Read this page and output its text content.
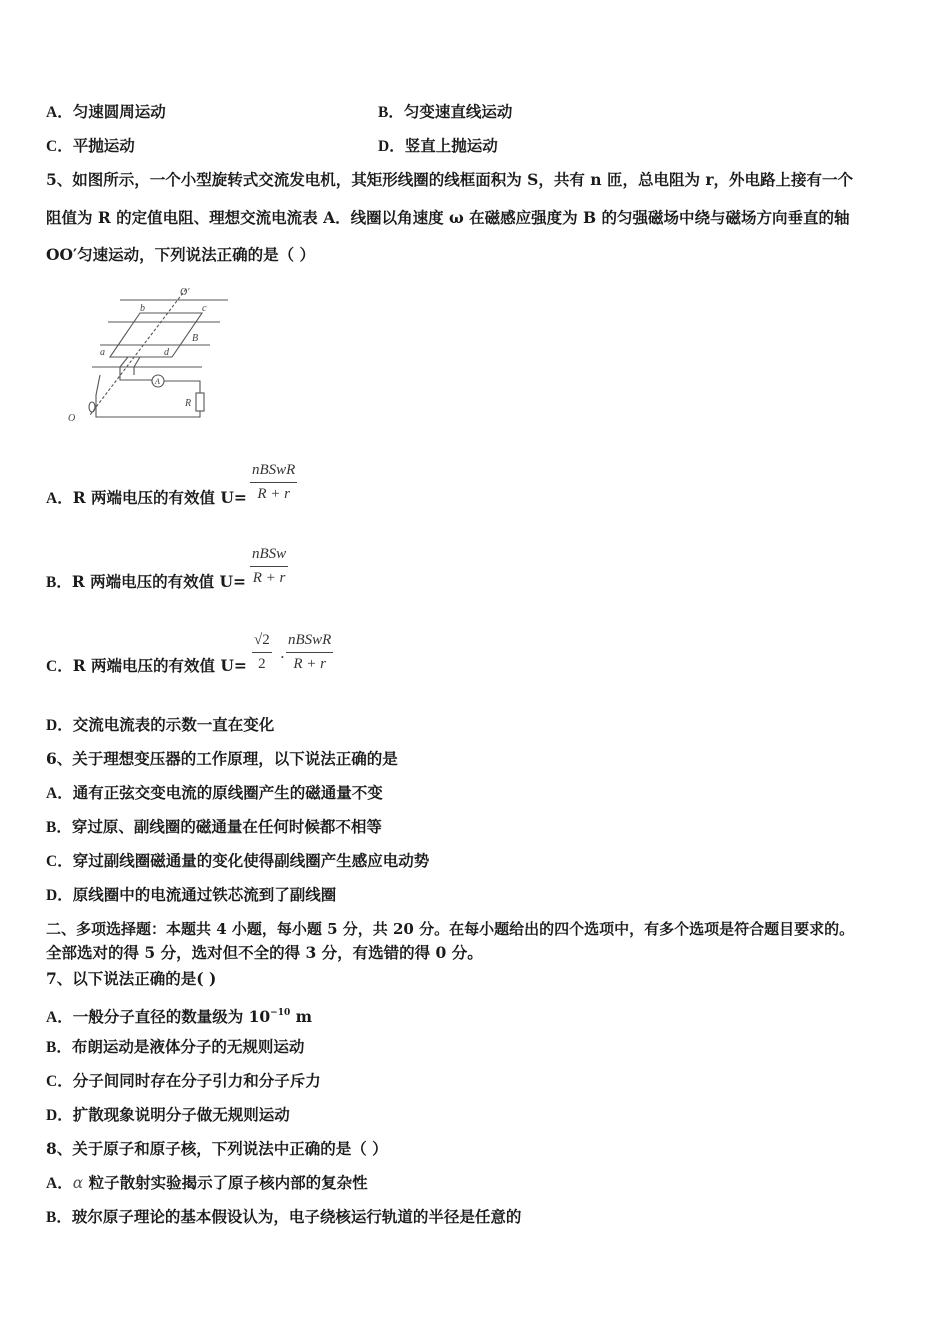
A．匀速圆周运动	B．匀变速直线运动
C．平抛运动	D．竖直上抛运动
5、如图所示，一个小型旋转式交流发电机，其矩形线圈的线框面积为 S，共有 n 匝，总电阻为 r，外电路上接有一个
阻值为 R 的定值电阻、理想交流电流表 A．线圈以角速度 ω 在磁感应强度为 B 的匀强磁场中绕与磁场方向垂直的轴
OO′匀速运动，下列说法正确的是（ ）
O′
b	c
B
a	d
A
R
O
A．R 两端电压的有效值 U=
nBSwR
R + r
B．R 两端电压的有效值 U=
nBSw
R + r
C．R 两端电压的有效值 U=
√2
2 ·
nBSwR
R + r
D．交流电流表的示数一直在变化
6、关于理想变压器的工作原理，以下说法正确的是
A．通有正弦交变电流的原线圈产生的磁通量不变
B．穿过原、副线圈的磁通量在任何时候都不相等
C．穿过副线圈磁通量的变化使得副线圈产生感应电动势
D．原线圈中的电流通过铁芯流到了副线圈
二、多项选择题：本题共 4 小题，每小题 5 分，共 20 分。在每小题给出的四个选项中，有多个选项是符合题目要求的。
全部选对的得 5 分，选对但不全的得 3 分，有选错的得 0 分。
7、以下说法正确的是( )
A．一般分子直径的数量级为 $10^{-10}$ m
B．布朗运动是液体分子的无规则运动
C．分子间同时存在分子引力和分子斥力
D．扩散现象说明分子做无规则运动
8、关于原子和原子核，下列说法中正确的是（ ）
A．α 粒子散射实验揭示了原子核内部的复杂性
B．玻尔原子理论的基本假设认为，电子绕核运行轨道的半径是任意的
